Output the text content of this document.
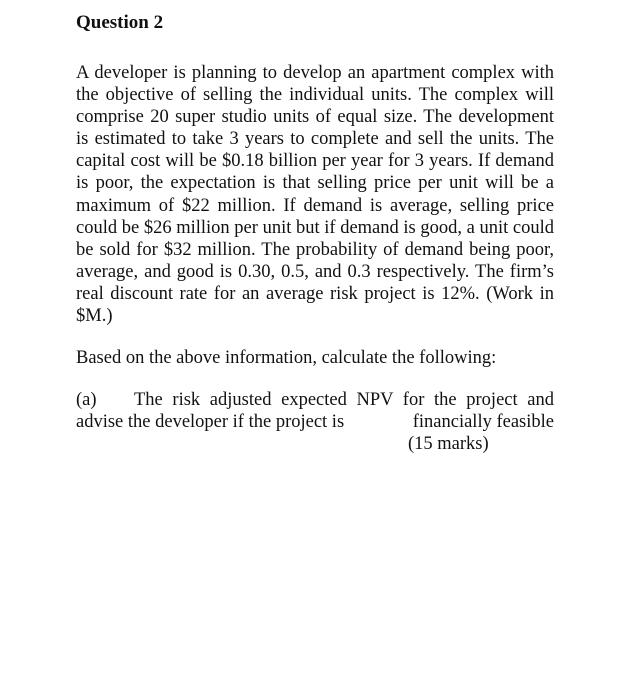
Question 2

A developer is planning to develop an apartment complex with the objective of selling the individual units. The complex will comprise 20 super studio units of equal size. The development is estimated to take 3 years to complete and sell the units. The capital cost will be $0.18 billion per year for 3 years. If demand is poor, the expectation is that selling price per unit will be a maximum of $22 million. If demand is average, selling price could be $26 million per unit but if demand is good, a unit could be sold for $32 million. The probability of demand being poor, average, and good is 0.30, 0.5, and 0.3 respectively. The firm’s real discount rate for an average risk project is 12%. (Work in $M.)

Based on the above information, calculate the following:

(a)	The risk adjusted expected NPV for the project and
advise the developer if the project is	financially feasible
(15 marks)
